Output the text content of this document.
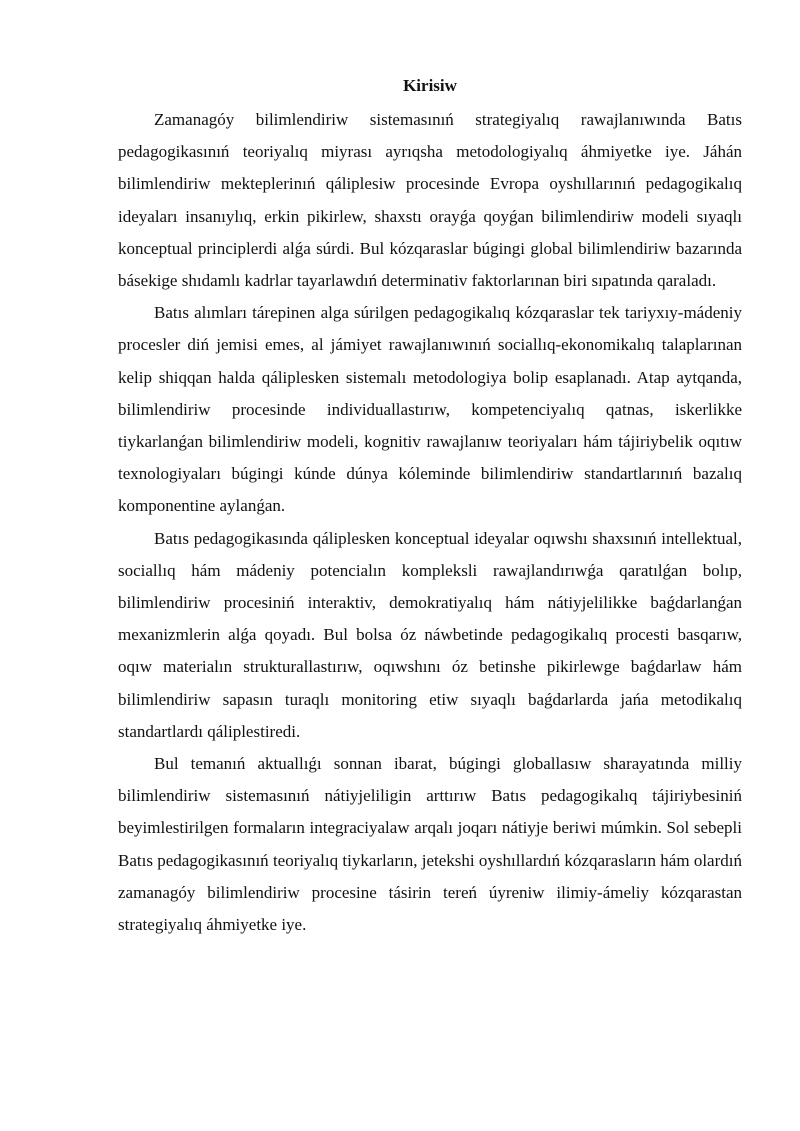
Kirisiw

Zamanagóy bilimlendiriw sistemasınıń strategiyalıq rawajlanıwında Batıs pedagogikasınıń teoriyalıq miyrası ayrıqsha metodologiyalıq áhmiyetke iye. Jáhán bilimlendiriw mekteplerinıń qáliplesiw procesinde Evropa oyshıllarınıń pedagogikalıq ideyaları insanıylıq, erkin pikirlew, shaxstı orayǵa qoyǵan bilimlendiriw modeli sıyaqlı konceptual principlerdi alǵa súrdi. Bul kózqaraslar búgingi global bilimlendiriw bazarında básekige shıdamlı kadrlar tayarlawdıń determinativ faktorlarınan biri sıpatında qaraladı.

Batıs alımları tárepinen alga súrilgen pedagogikalıq kózqaraslar tek tariyxıy-mádeniy procesler diń jemisi emes, al jámiyet rawajlanıwınıń sociallıq-ekonomikalıq talaplarınan kelip shiqqan halda qáliplesken sistemalı metodologiya bolip esaplanadı. Atap aytqanda, bilimlendiriw procesinde individuallastırıw, kompetenciyalıq qatnas, iskerlikke tiykarlanǵan bilimlendiriw modeli, kognitiv rawajlanıw teoriyaları hám tájiriybelik oqıtıw texnologiyaları búgingi kúnde dúnya kóleminde bilimlendiriw standartlarınıń bazalıq komponentine aylanǵan.

Batıs pedagogikasında qáliplesken konceptual ideyalar oqıwshı shaxsınıń intellektual, sociallıq hám mádeniy potencialın kompleksli rawajlandırıwǵa qaratılǵan bolıp, bilimlendiriw procesiniń interaktiv, demokratiyalıq hám nátiyjelilikke baǵdarlanǵan mexanizmlerin alǵa qoyadı. Bul bolsa óz náwbetinde pedagogikalıq procesti basqarıw, oqıw materialın strukturallastırıw, oqıwshını óz betinshe pikirlewge baǵdarlaw hám bilimlendiriw sapasın turaqlı monitoring etiw sıyaqlı baǵdarlarda jańa metodikalıq standartlardı qáliplestiredi.

Bul temanıń aktuallıǵı sonnan ibarat, búgingi globallasıw sharayatında milliy bilimlendiriw sistemasınıń nátiyjeliligin arttırıw Batıs pedagogikalıq tájiriybesiniń beyimlestirilgen formaların integraciyalaw arqalı joqarı nátiyje beriwi múmkin. Sol sebepli Batıs pedagogikasınıń teoriyalıq tiykarların, jetekshi oyshıllardıń kózqarasların hám olardıń zamanagóy bilimlendiriw procesine tásirin tereń úyreniw ilimiy-ámeliy kózqarastan strategiyalıq áhmiyetke iye.
